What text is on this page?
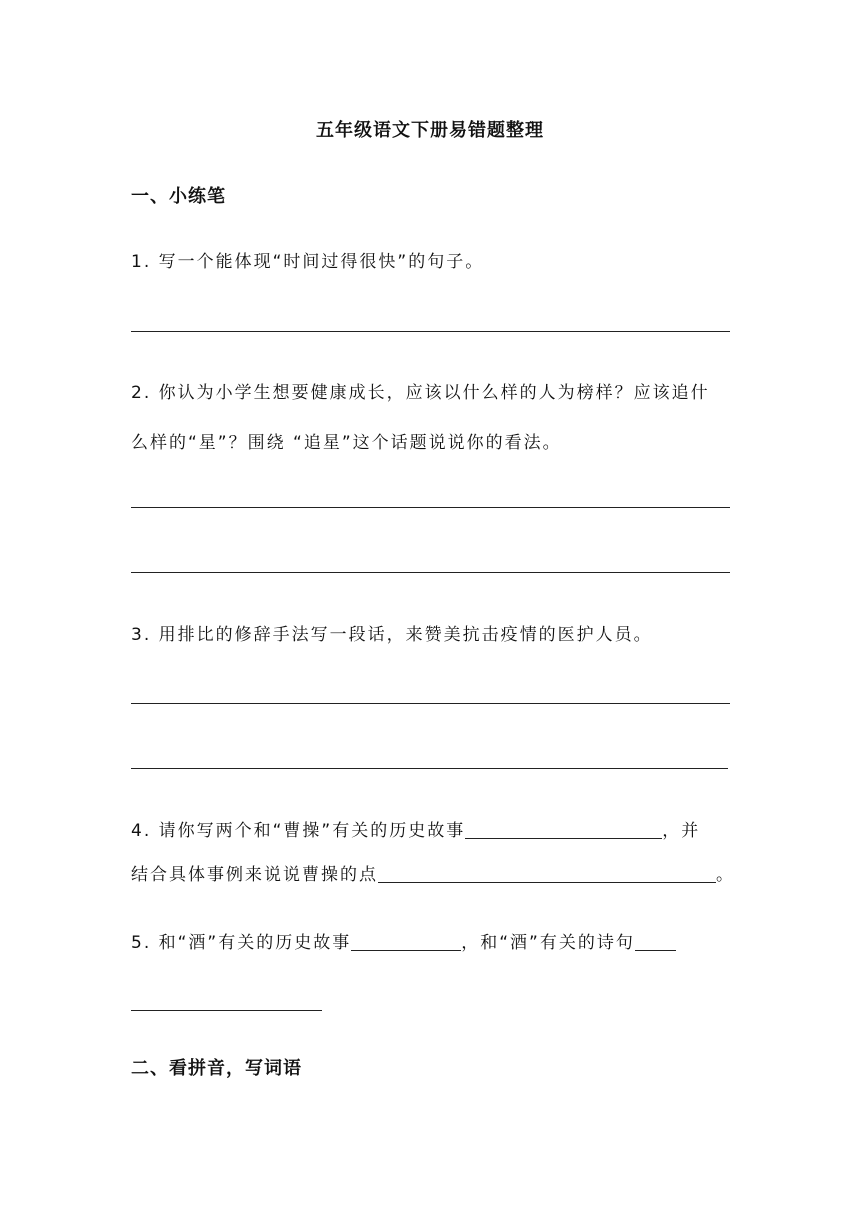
五年级语文下册易错题整理
一、小练笔
1. 写一个能体现“时间过得很快”的句子。
2. 你认为小学生想要健康成长，应该以什么样的人为榜样？应该追什
么样的“星”？围绕 “追星”这个话题说说你的看法。
3. 用排比的修辞手法写一段话，来赞美抗击疫情的医护人员。
4. 请你写两个和“曹操”有关的历史故事	，并
结合具体事例来说说曹操的点	。
5. 和“酒”有关的历史故事	，和“酒”有关的诗句
二、看拼音，写词语
